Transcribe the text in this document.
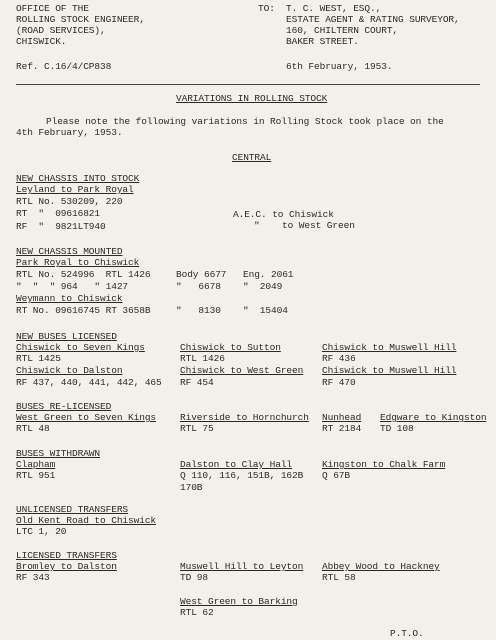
OFFICE OF THE
ROLLING STOCK ENGINEER,
(ROAD SERVICES),
CHISWICK.
TO: T. C. WEST, ESQ.,
ESTATE AGENT & RATING SURVEYOR,
160, CHILTERN COURT,
BAKER STREET.
Ref. C.16/4/CP838	6th February, 1953.
VARIATIONS IN ROLLING STOCK
Please note the following variations in Rolling Stock took place on the
4th February, 1953.
CENTRAL
NEW CHASSIS INTO STOCK
Leyland to Park Royal
RTL No. 530209, 220
RT  "  09616821
RF  "  9821LT940
A.E.C. to Chiswick
"    to West Green
NEW CHASSIS MOUNTED
Park Royal to Chiswick
RTL No. 524996  RTL 1426
"  "  " 964   " 1427
Body 6677
"   6678
Eng. 2061
"  2049
Weymann to Chiswick
RT No. 09616745 RT 3658B	"   8130 "  15404
NEW BUSES LICENSED
Chiswick to Seven Kings
RTL 1425
Chiswick to Dalston
RF 437, 440, 441, 442, 465
Chiswick to Sutton
RTL 1426
Chiswick to West Green
RF 454
Chiswick to Muswell Hill
RF 436
Chiswick to Muswell Hill
RF 470
BUSES RE-LICENSED
West Green to Seven Kings
RTL 48
Riverside to Hornchurch
RTL 75
Nunhead
RT 2184
Edgware to Kingston
TD 108
BUSES WITHDRAWN
Clapham
RTL 951
Dalston to Clay Hall
Q 110, 116, 151B, 162B
170B
Kingston to Chalk Farm
Q 67B
UNLICENSED TRANSFERS
Old Kent Road to Chiswick
LTC 1, 20
LICENSED TRANSFERS
Bromley to Dalston
RF 343
Muswell Hill to Leyton
TD 98
West Green to Barking
RTL 62
Abbey Wood to Hackney
RTL 58
P.T.O.
